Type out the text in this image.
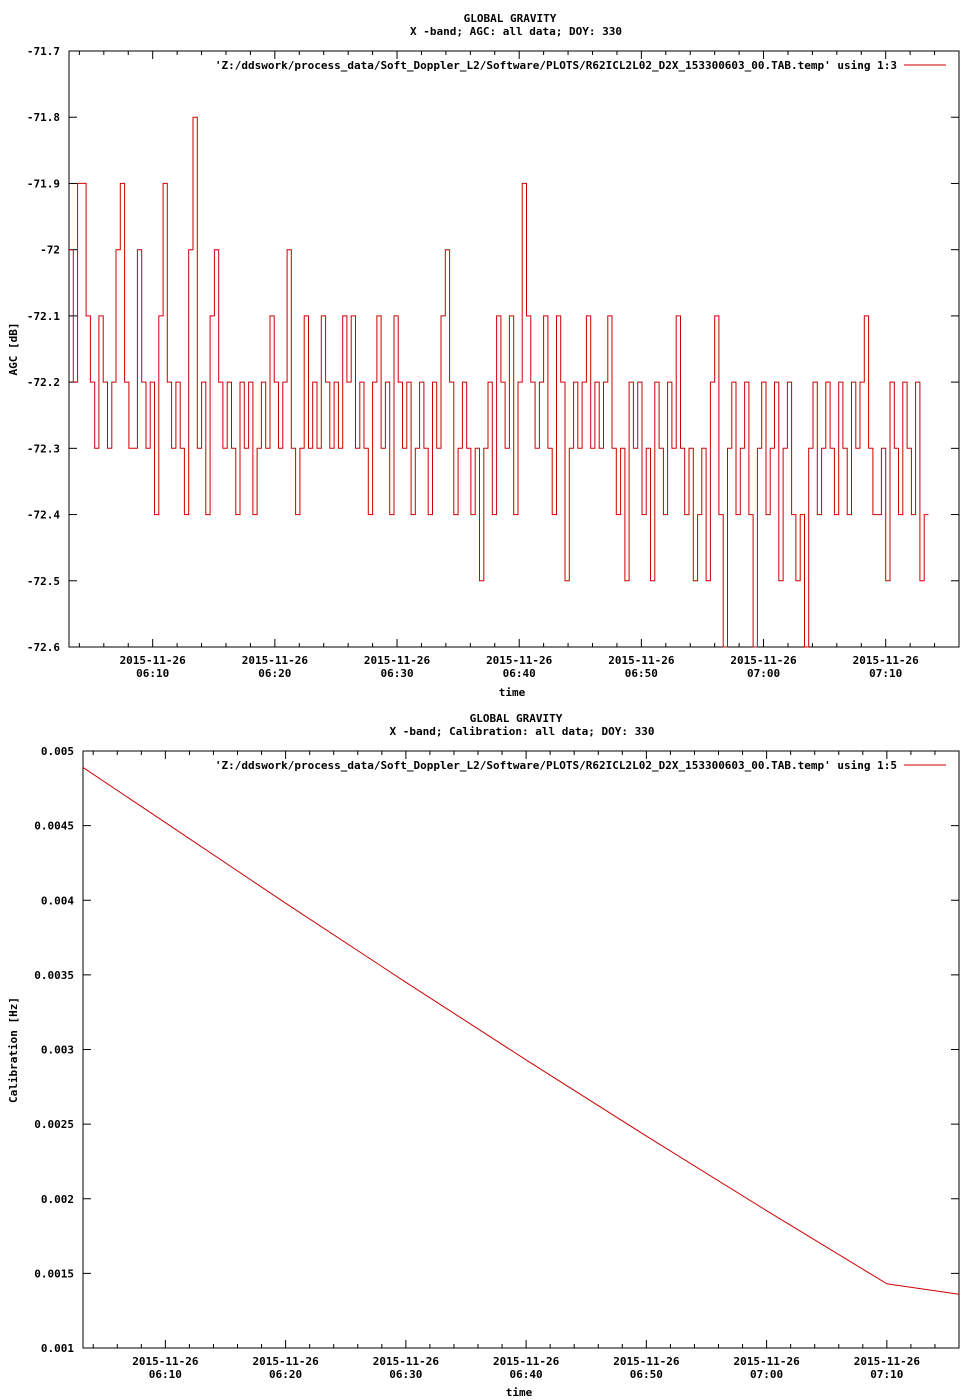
GLOBAL GRAVITY
X -band; AGC: all data; DOY: 330
AGC [dB]
time
-71.7
-71.8
-71.9
-72
-72.1
-72.2
-72.3
-72.4
-72.5
-72.6
2015-11-26
06:10
2015-11-26
06:20
2015-11-26
06:30
2015-11-26
06:40
2015-11-26
06:50
2015-11-26
07:00
2015-11-26
07:10
'Z:/ddswork/process_data/Soft_Doppler_L2/Software/PLOTS/R62ICL2L02_D2X_153300603_00.TAB.temp' using 1:3
GLOBAL GRAVITY
X -band; Calibration: all data; DOY: 330
Calibration [Hz]
time
0.005
0.0045
0.004
0.0035
0.003
0.0025
0.002
0.0015
0.001
2015-11-26
06:10
2015-11-26
06:20
2015-11-26
06:30
2015-11-26
06:40
2015-11-26
06:50
2015-11-26
07:00
2015-11-26
07:10
'Z:/ddswork/process_data/Soft_Doppler_L2/Software/PLOTS/R62ICL2L02_D2X_153300603_00.TAB.temp' using 1:5
